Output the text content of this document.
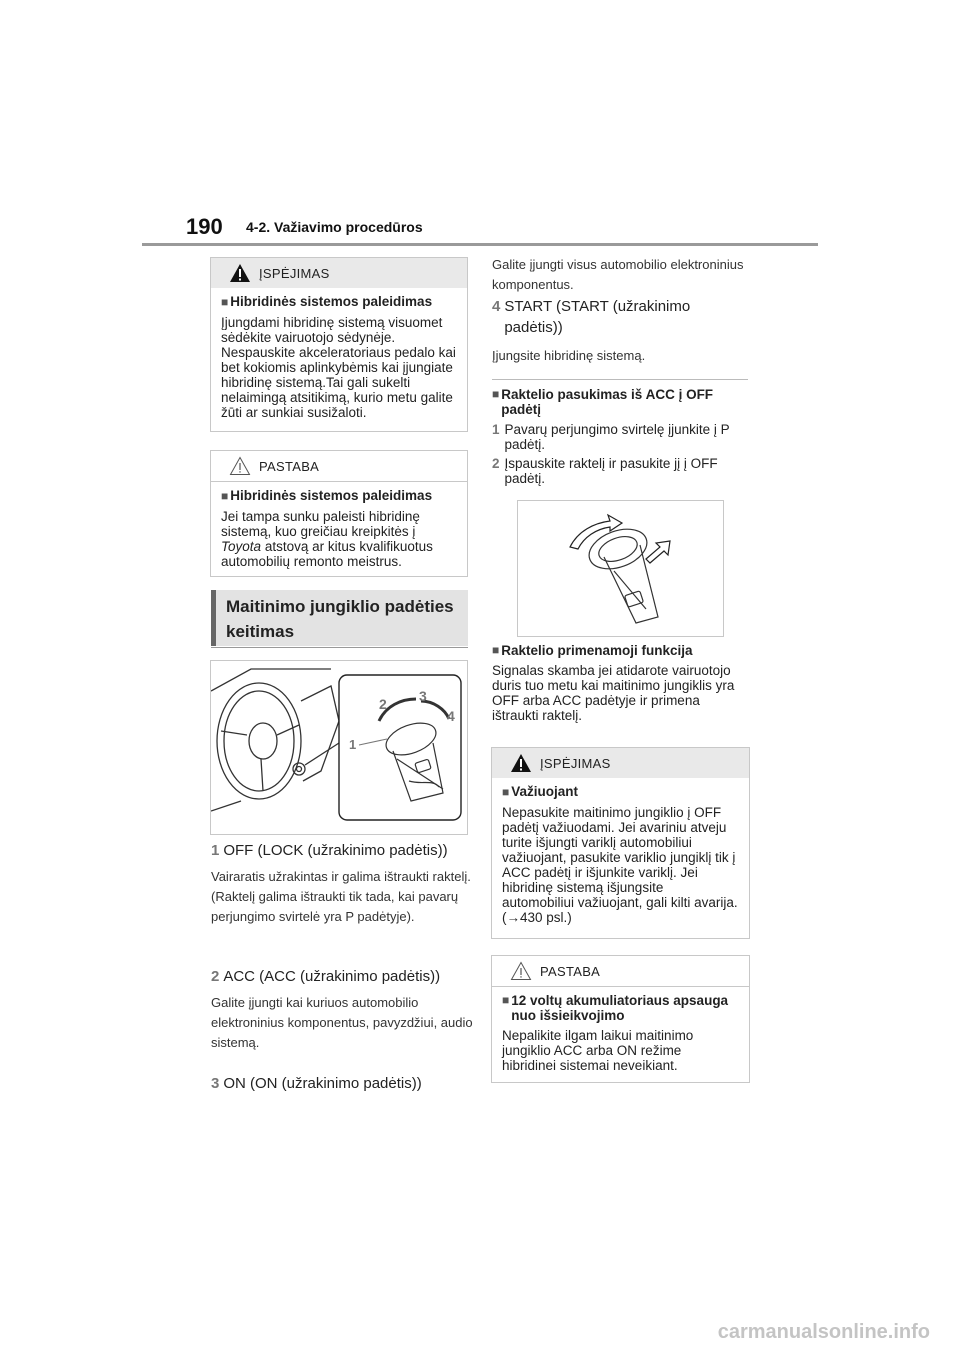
190 4-2. Važiavimo procedūros
ĮSPĖJIMAS
■ Hibridinės sistemos paleidimas
Įjungdami hibridinę sistemą visuomet sėdėkite vairuotojo sėdynėje. Nespauskite akceleratoriaus pedalo kai bet kokiomis aplinkybėmis kai įjungiate hibridinę sistemą.Tai gali sukelti nelaimingą atsitikimą, kurio metu galite žūti ar sunkiai susižaloti.
PASTABA
■ Hibridinės sistemos paleidimas
Jei tampa sunku paleisti hibridinę sistemą, kuo greičiau kreipkitės į Toyota atstovą ar kitus kvalifikuotus automobilių remonto meistrus.
Maitinimo jungiklio padėties keitimas
1
2 3
4
1 OFF (LOCK (užrakinimo padėtis))
Vairaratis užrakintas ir galima ištraukti raktelį. (Raktelį galima ištraukti tik tada, kai pavarų perjungimo svirtelė yra P padėtyje).
2 ACC (ACC (užrakinimo padėtis))
Galite įjungti kai kuriuos automobilio elektroninius komponentus, pavyzdžiui, audio sistemą.
3 ON (ON (užrakinimo padėtis))
Galite įjungti visus automobilio elektroninius komponentus.
4 START (START (užrakinimo padėtis))
Įjungsite hibridinę sistemą.
■ Raktelio pasukimas iš ACC į OFF padėtį
1 Pavarų perjungimo svirtelę įjunkite į P padėtį.
2 Įspauskite raktelį ir pasukite jį į OFF padėtį.
■ Raktelio primenamoji funkcija
Signalas skamba jei atidarote vairuotojo duris tuo metu kai maitinimo jungiklis yra OFF arba ACC padėtyje ir primena ištraukti raktelį.
ĮSPĖJIMAS
■ Važiuojant
Nepasukite maitinimo jungiklio į OFF padėtį važiuodami. Jei avariniu atveju turite išjungti variklį automobiliui važiuojant, pasukite variklio jungiklį tik į ACC padėtį ir išjunkite variklį. Jei hibridinę sistemą išjungsite automobiliui važiuojant, gali kilti avarija. (→430 psl.)
PASTABA
■ 12 voltų akumuliatoriaus apsauga nuo išsieikvojimo
Nepalikite ilgam laikui maitinimo jungiklio ACC arba ON režime hibridinei sistemai neveikiant.
carmanualsonline.info
